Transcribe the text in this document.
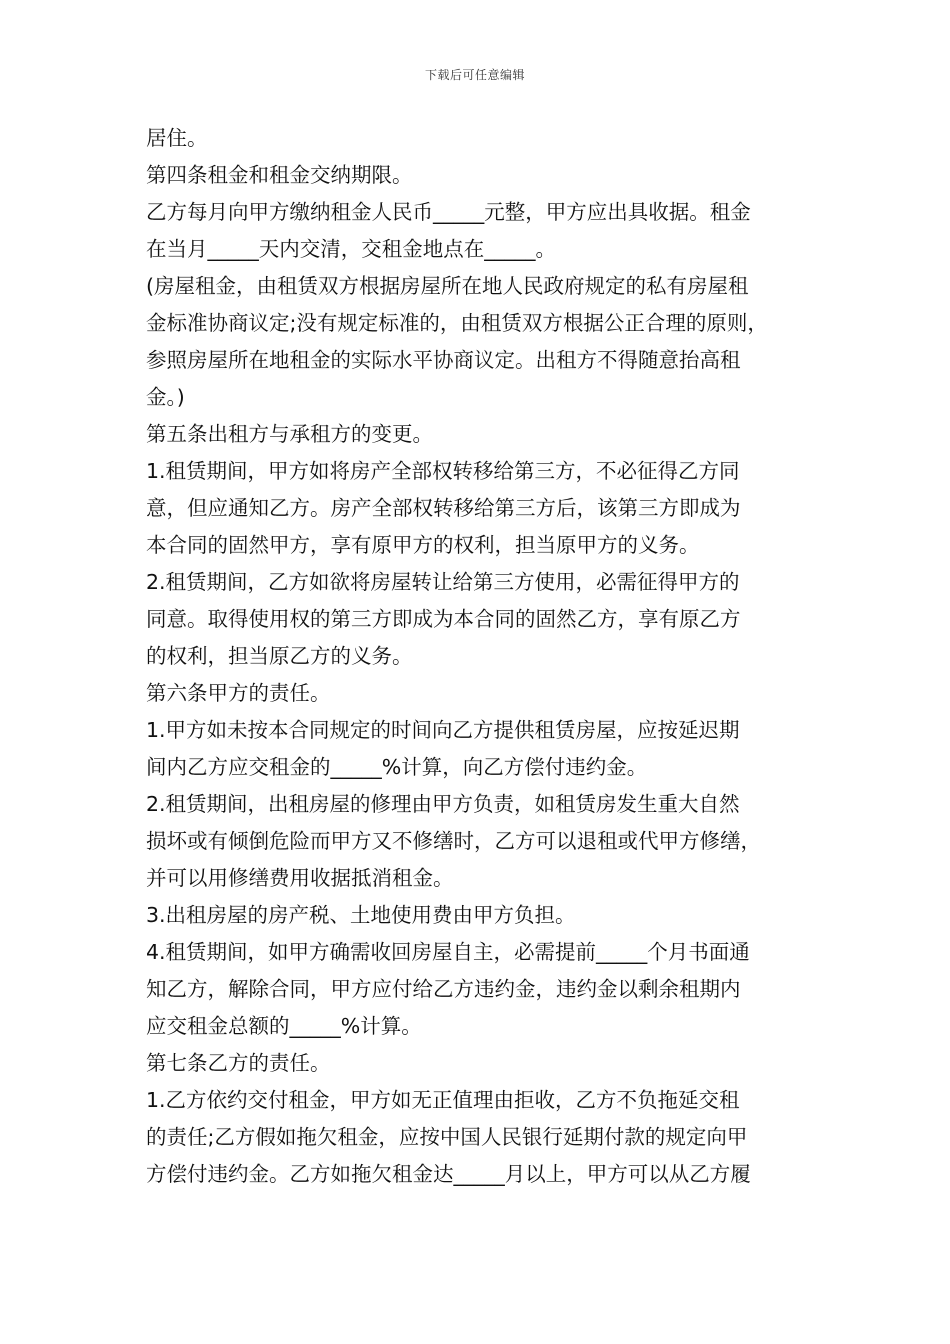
下载后可任意编辑
居住。
第四条租金和租金交纳期限。
乙方每月向甲方缴纳租金人民币_____元整，甲方应出具收据。租金
在当月_____天内交清，交租金地点在_____。
(房屋租金，由租赁双方根据房屋所在地人民政府规定的私有房屋租
金标准协商议定;没有规定标准的，由租赁双方根据公正合理的原则，
参照房屋所在地租金的实际水平协商议定。出租方不得随意抬高租
金。)
第五条出租方与承租方的变更。
1.租赁期间，甲方如将房产全部权转移给第三方，不必征得乙方同
意，但应通知乙方。房产全部权转移给第三方后，该第三方即成为
本合同的固然甲方，享有原甲方的权利，担当原甲方的义务。
2.租赁期间，乙方如欲将房屋转让给第三方使用，必需征得甲方的
同意。取得使用权的第三方即成为本合同的固然乙方，享有原乙方
的权利，担当原乙方的义务。
第六条甲方的责任。
1.甲方如未按本合同规定的时间向乙方提供租赁房屋，应按延迟期
间内乙方应交租金的_____%计算，向乙方偿付违约金。
2.租赁期间，出租房屋的修理由甲方负责，如租赁房发生重大自然
损坏或有倾倒危险而甲方又不修缮时，乙方可以退租或代甲方修缮，
并可以用修缮费用收据抵消租金。
3.出租房屋的房产税、土地使用费由甲方负担。
4.租赁期间，如甲方确需收回房屋自主，必需提前_____个月书面通
知乙方，解除合同，甲方应付给乙方违约金，违约金以剩余租期内
应交租金总额的_____%计算。
第七条乙方的责任。
1.乙方依约交付租金，甲方如无正值理由拒收，乙方不负拖延交租
的责任;乙方假如拖欠租金，应按中国人民银行延期付款的规定向甲
方偿付违约金。乙方如拖欠租金达_____月以上，甲方可以从乙方履
